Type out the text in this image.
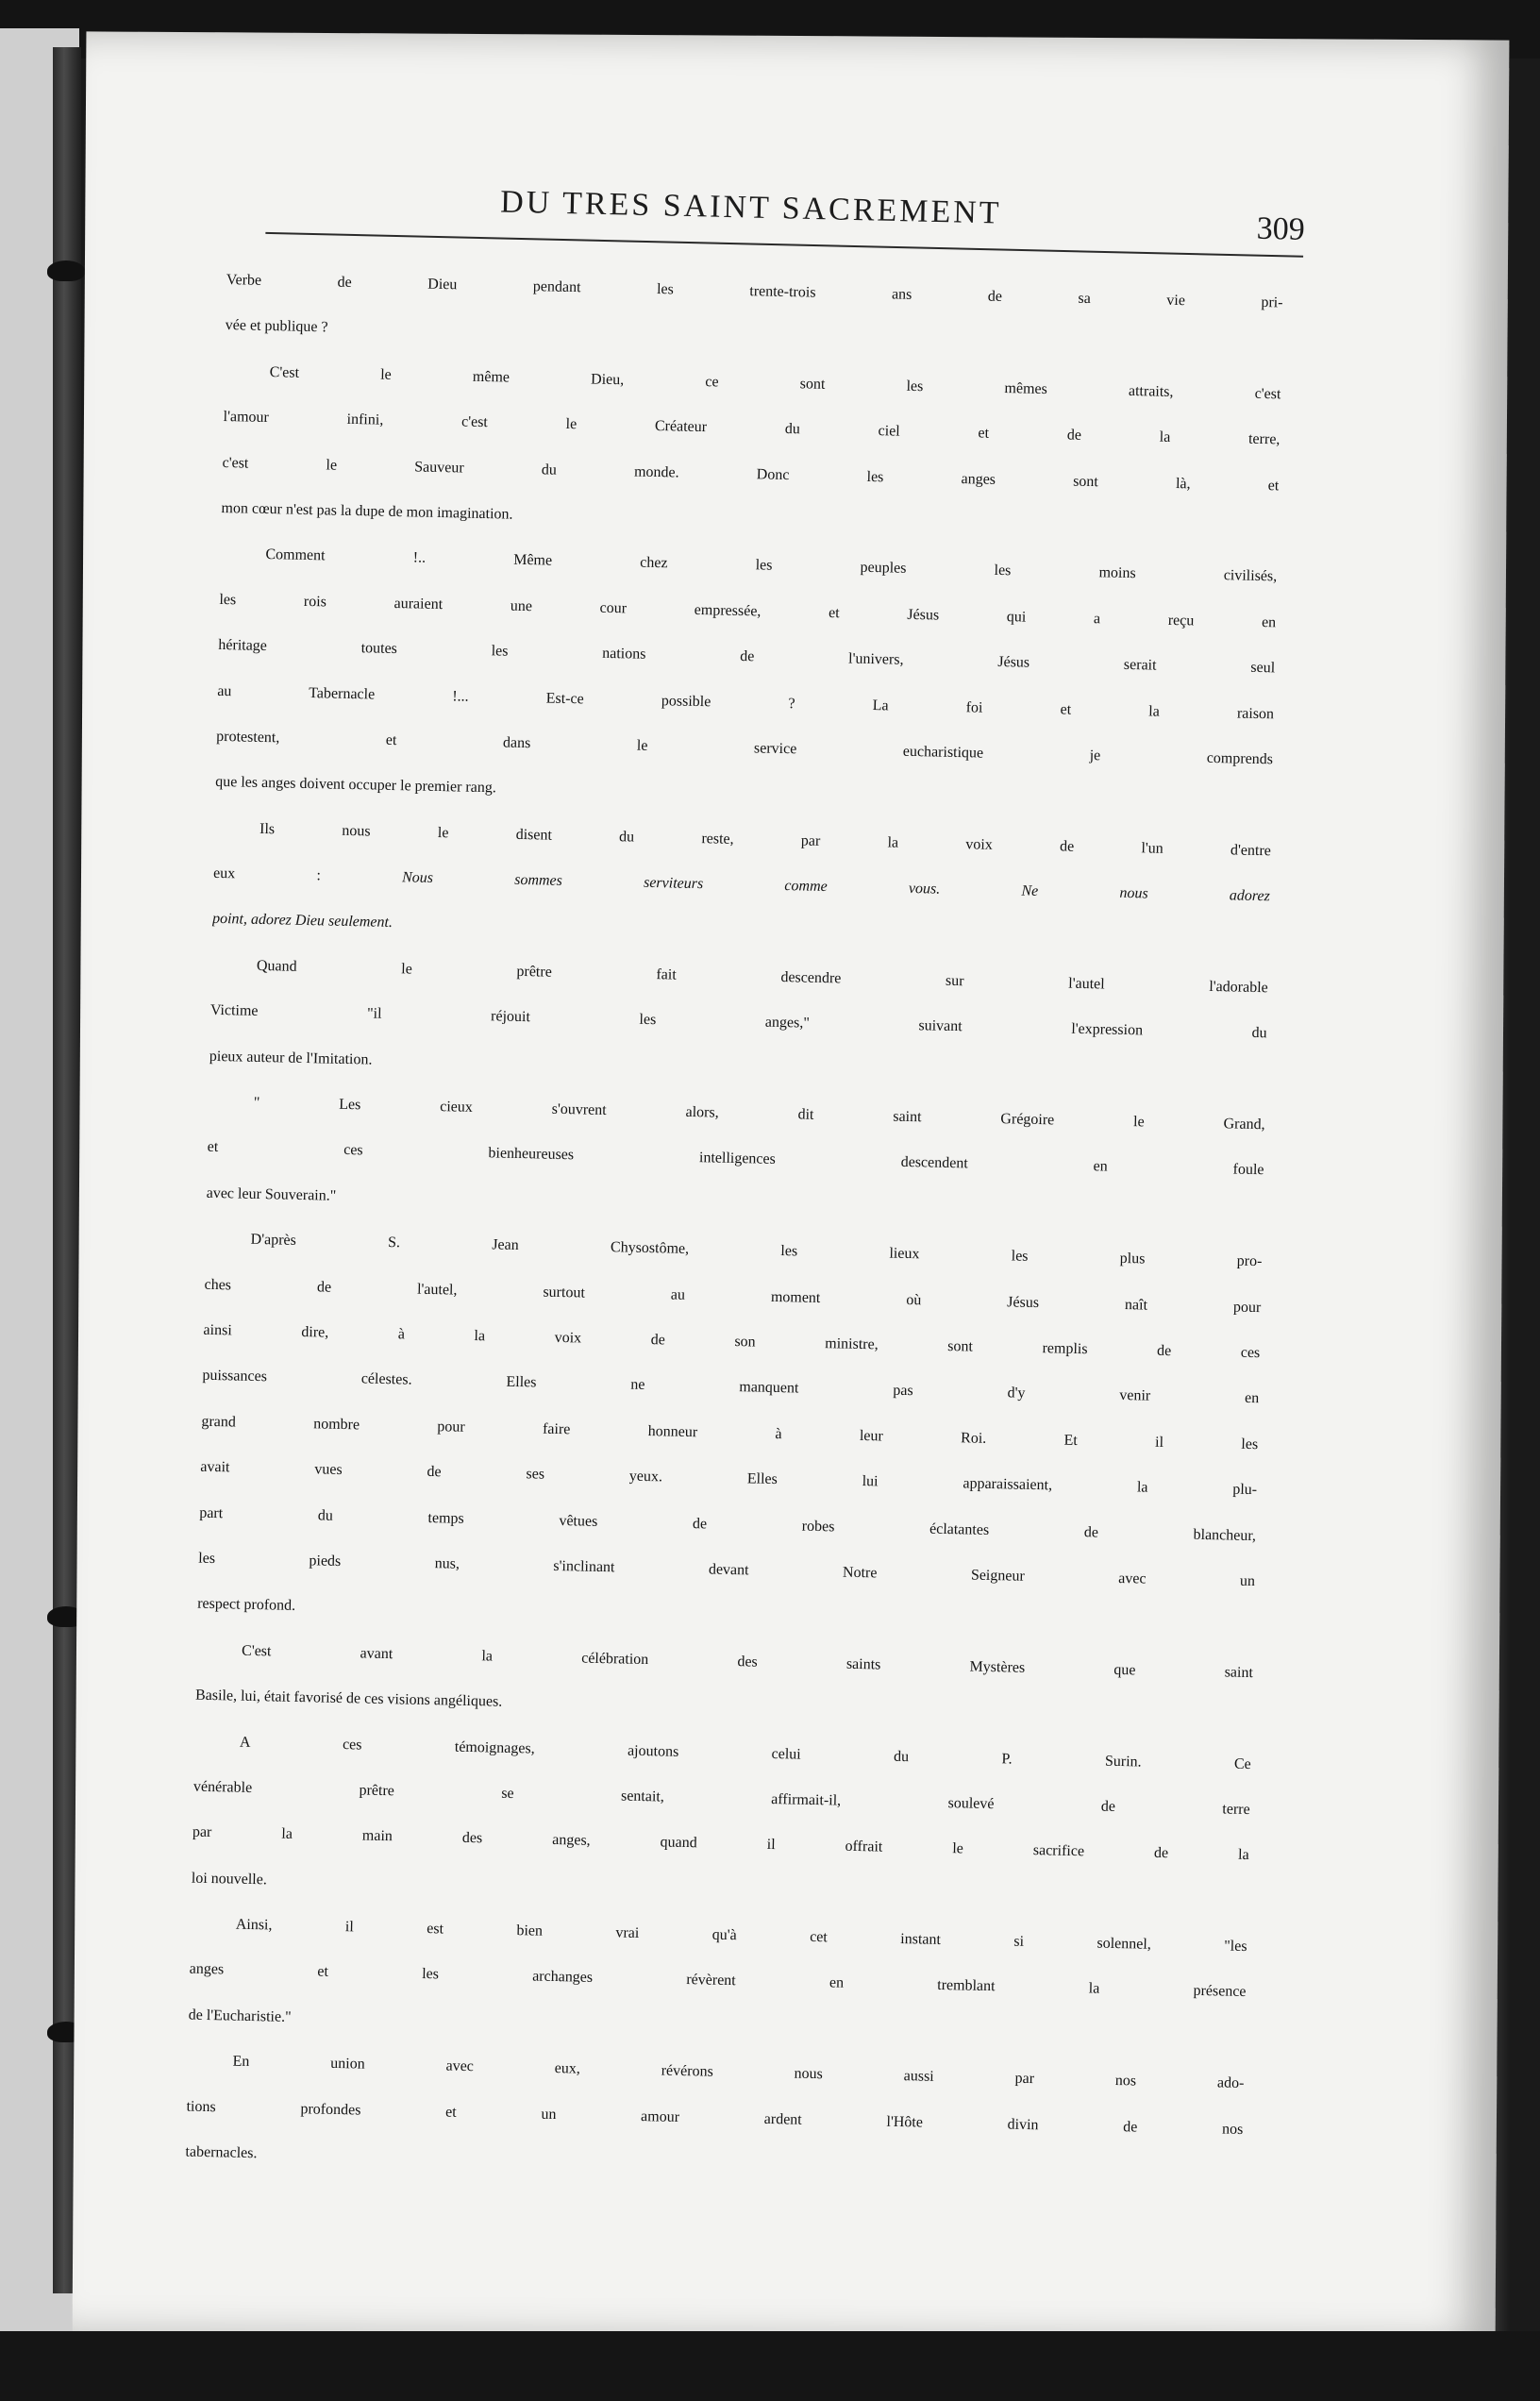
DU TRES SAINT SACREMENT	309
Verbe de Dieu pendant les trente-trois ans de sa vie pri-
vée et publique ?
C'est le même Dieu, ce sont les mêmes attraits, c'est
l'amour infini, c'est le Créateur du ciel et de la terre,
c'est le Sauveur du monde. Donc les anges sont là, et
mon cœur n'est pas la dupe de mon imagination.
Comment !.. Même chez les peuples les moins civilisés,
les rois auraient une cour empressée, et Jésus qui a reçu en
héritage toutes les nations de l'univers, Jésus serait seul
au Tabernacle !... Est-ce possible ? La foi et la raison
protestent, et dans le service eucharistique je comprends
que les anges doivent occuper le premier rang.
Ils nous le disent du reste, par la voix de l'un d'entre
eux : Nous sommes serviteurs comme vous. Ne nous adorez
point, adorez Dieu seulement.
Quand le prêtre fait descendre sur l'autel l'adorable
Victime "il réjouit les anges," suivant l'expression du
pieux auteur de l'Imitation.
" Les cieux s'ouvrent alors, dit saint Grégoire le Grand,
et ces bienheureuses intelligences descendent en foule
avec leur Souverain."
D'après S. Jean Chysostôme, les lieux les plus pro-
ches de l'autel, surtout au moment où Jésus naît pour
ainsi dire, à la voix de son ministre, sont remplis de ces
puissances célestes. Elles ne manquent pas d'y venir en
grand nombre pour faire honneur à leur Roi. Et il les
avait vues de ses yeux. Elles lui apparaissaient, la plu-
part du temps vêtues de robes éclatantes de blancheur,
les pieds nus, s'inclinant devant Notre Seigneur avec un
respect profond.
C'est avant la célébration des saints Mystères que saint
Basile, lui, était favorisé de ces visions angéliques.
A ces témoignages, ajoutons celui du P. Surin. Ce
vénérable prêtre se sentait, affirmait-il, soulevé de terre
par la main des anges, quand il offrait le sacrifice de la
loi nouvelle.
Ainsi, il est bien vrai qu'à cet instant si solennel, "les
anges et les archanges révèrent en tremblant la présence
de l'Eucharistie."
En union avec eux, révérons nous aussi par nos ado-
tions profondes et un amour ardent l'Hôte divin de nos
tabernacles.
